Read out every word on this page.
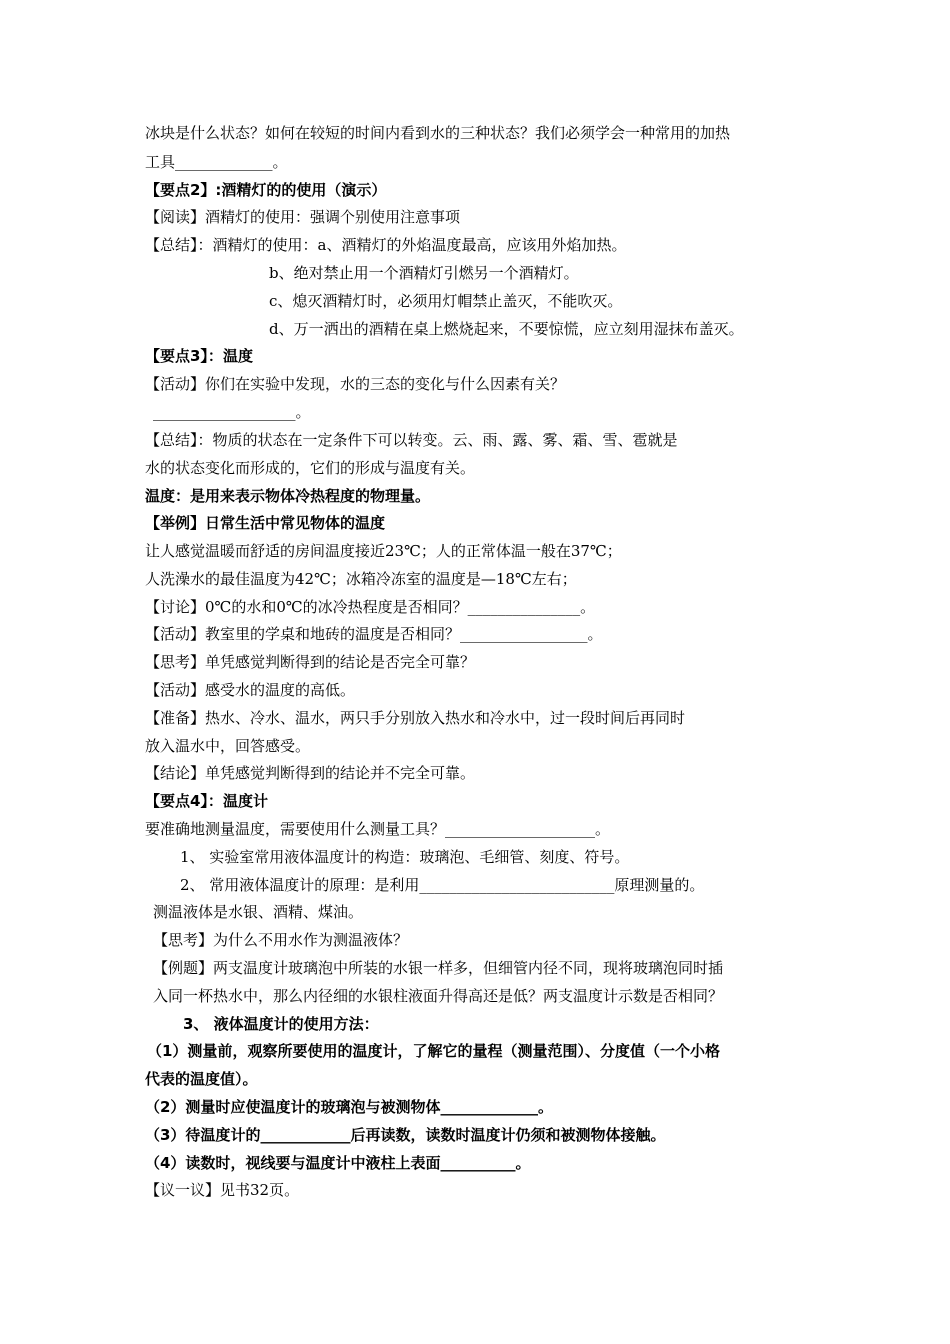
冰块是什么状态？如何在较短的时间内看到水的三种状态？我们必须学会一种常用的加热
工具_____________。
【要点2】:酒精灯的的使用（演示）
【阅读】酒精灯的使用：强调个别使用注意事项
【总结】：酒精灯的使用：a、酒精灯的外焰温度最高，应该用外焰加热。
b、绝对禁止用一个酒精灯引燃另一个酒精灯。
c、熄灭酒精灯时，必须用灯帽禁止盖灭，不能吹灭。
d、万一洒出的酒精在桌上燃烧起来，不要惊慌，应立刻用湿抹布盖灭。
【要点3】：温度
【活动】你们在实验中发现，水的三态的变化与什么因素有关？
___________________。
【总结】：物质的状态在一定条件下可以转变。云、雨、露、雾、霜、雪、雹就是
水的状态变化而形成的，它们的形成与温度有关。
温度：是用来表示物体冷热程度的物理量。
【举例】日常生活中常见物体的温度
让人感觉温暖而舒适的房间温度接近23℃；人的正常体温一般在37℃；
人洗澡水的最佳温度为42℃；冰箱冷冻室的温度是—18℃左右；
【讨论】0℃的水和0℃的冰冷热程度是否相同？_______________。
【活动】教室里的学桌和地砖的温度是否相同？_________________。
【思考】单凭感觉判断得到的结论是否完全可靠？
【活动】感受水的温度的高低。
【准备】热水、冷水、温水，两只手分别放入热水和冷水中，过一段时间后再同时
放入温水中，回答感受。
【结论】单凭感觉判断得到的结论并不完全可靠。
【要点4】：温度计
要准确地测量温度，需要使用什么测量工具？____________________。
1、 实验室常用液体温度计的构造：玻璃泡、毛细管、刻度、符号。
2、 常用液体温度计的原理：是利用__________________________原理测量的。
测温液体是水银、酒精、煤油。
【思考】为什么不用水作为测温液体？
【例题】两支温度计玻璃泡中所装的水银一样多，但细管内径不同，现将玻璃泡同时插
入同一杯热水中，那么内径细的水银柱液面升得高还是低？两支温度计示数是否相同？
3、 液体温度计的使用方法：
（1）测量前，观察所要使用的温度计，了解它的量程（测量范围）、分度值（一个小格
代表的温度值）。
（2）测量时应使温度计的玻璃泡与被测物体_____________。
（3）待温度计的____________后再读数，读数时温度计仍须和被测物体接触。
（4）读数时，视线要与温度计中液柱上表面__________。
【议一议】见书32页。
